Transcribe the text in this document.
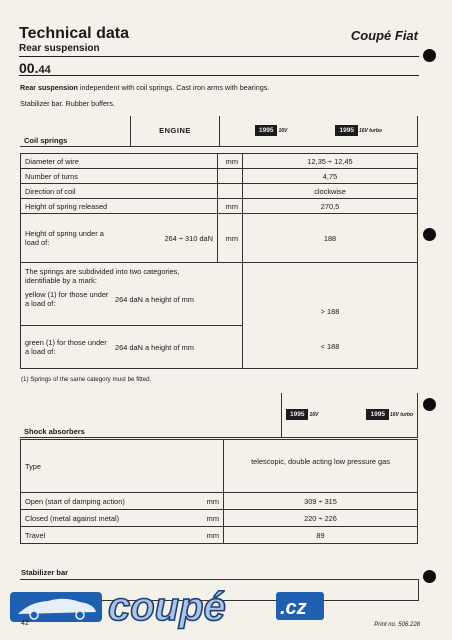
Technical data
Rear suspension
Coupé Fiat
00.44
Rear suspension independent with coil springs. Cast iron arms with bearings.
Stabilizer bar. Rubber buffers.
Coil springs	ENGINE	1995 16V	1995 16V turbo
Diameter of wire	mm	12,35 ÷ 12,45
Number of turns		4,75
Direction of coil		clockwise
Height of spring released	mm	270,5

Height of spring under a load of: 264 ÷ 310 daN	mm	188

The springs are subdivided into two categories, identifiable by a mark:
yellow (1) for those under a load of: 264 daN a height of mm		> 188

green (1) for those under a load of: 264 daN a height of mm		< 188
(1) Springs of the same category must be fitted.
Shock absorbers	1995 16V	1995 16V turbo
Type		telescopic, double acting low pressure gas
Open (start of damping action)	mm	309 ÷ 315
Closed (metal against metal)	mm	220 ÷ 226
Travel	mm	89
Stabilizer bar
coupé	.cz
42	Print no. 506.228
